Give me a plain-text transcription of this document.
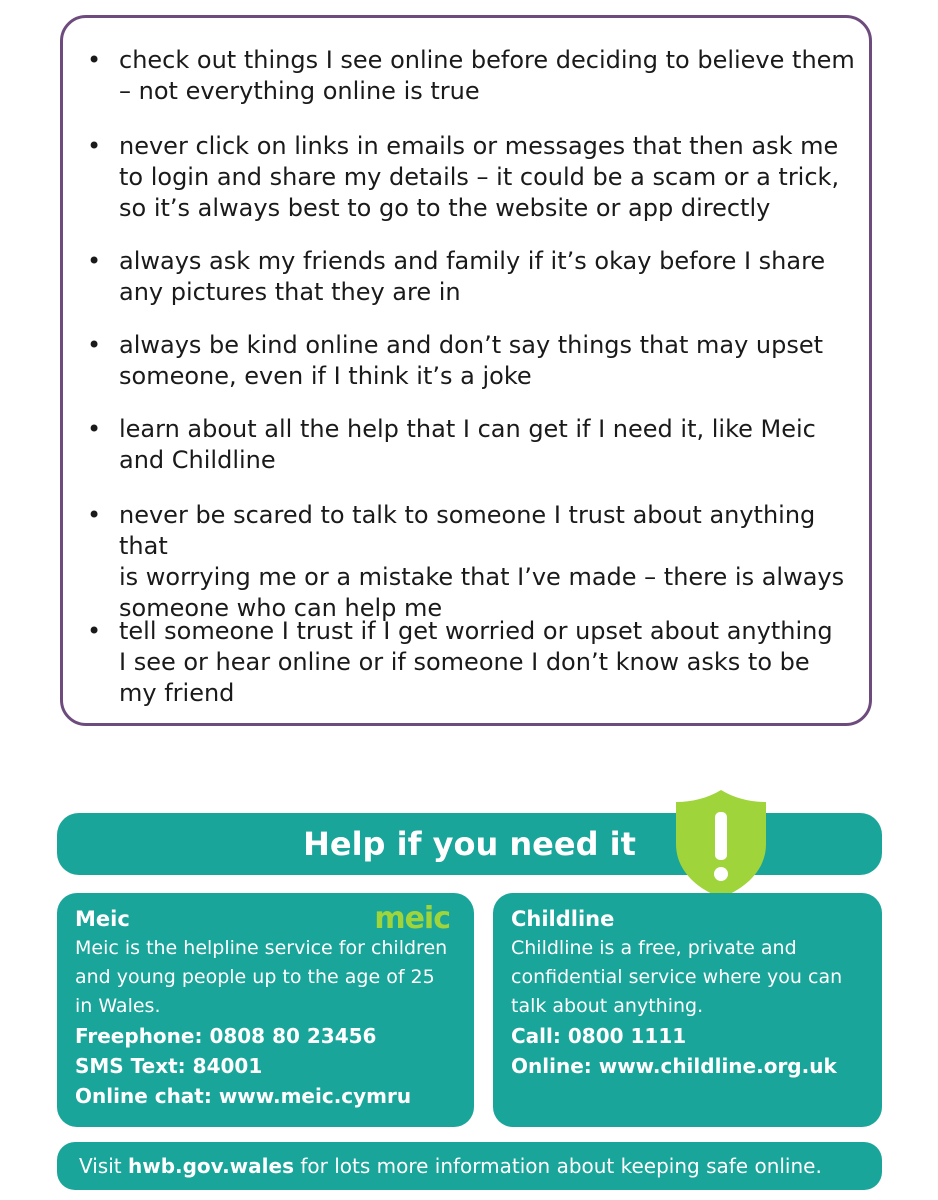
• check out things I see online before deciding to believe them
– not everything online is true
• never click on links in emails or messages that then ask me
to login and share my details – it could be a scam or a trick,
so it’s always best to go to the website or app directly
• always ask my friends and family if it’s okay before I share
any pictures that they are in
• always be kind online and don’t say things that may upset
someone, even if I think it’s a joke
• learn about all the help that I can get if I need it, like Meic
and Childline
• never be scared to talk to someone I trust about anything that
is worrying me or a mistake that I’ve made – there is always
someone who can help me
• tell someone I trust if I get worried or upset about anything
I see or hear online or if someone I don’t know asks to be
my friend
Help if you need it
meic
Meic
Meic is the helpline service for children
and young people up to the age of 25
in Wales.
Freephone: 0808 80 23456
SMS Text: 84001
Online chat: www.meic.cymru
Childline
Childline is a free, private and
confidential service where you can
talk about anything.
Call: 0800 1111
Online: www.childline.org.uk
Visit hwb.gov.wales for lots more information about keeping safe online.
